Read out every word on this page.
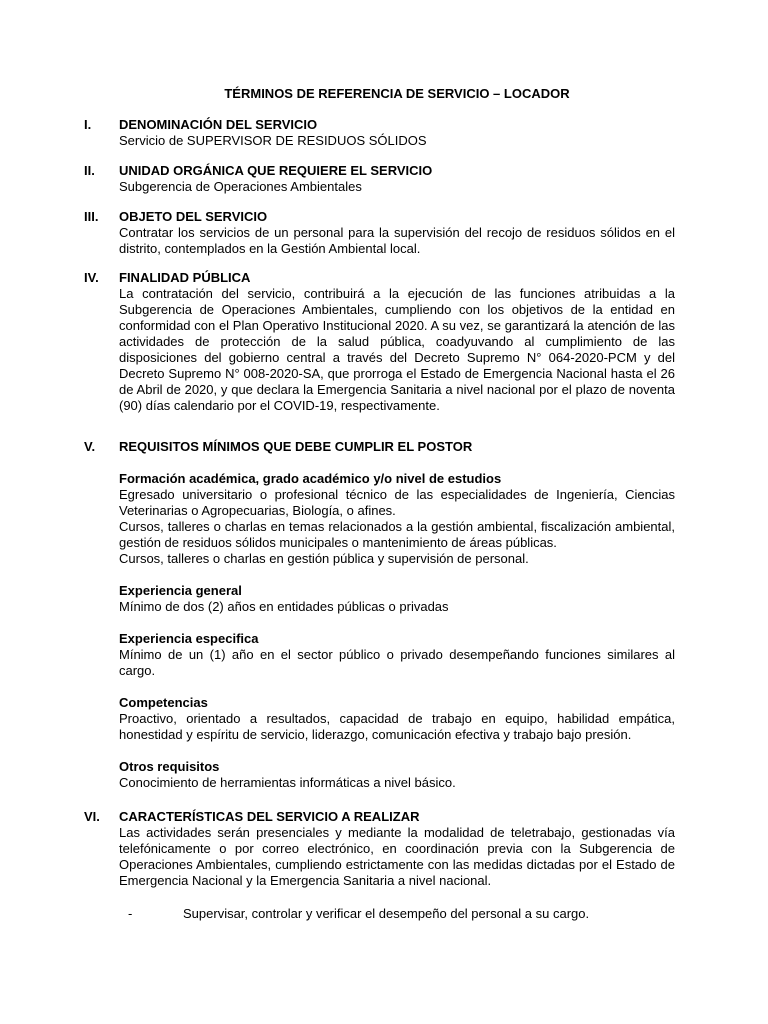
TÉRMINOS DE REFERENCIA DE SERVICIO – LOCADOR
I.	DENOMINACIÓN DEL SERVICIO

Servicio de SUPERVISOR DE RESIDUOS SÓLIDOS

II.	UNIDAD ORGÁNICA QUE REQUIERE EL SERVICIO

Subgerencia de Operaciones Ambientales

III.	OBJETO DEL SERVICIO

Contratar los servicios de un personal para la supervisión del recojo de residuos sólidos en el distrito, contemplados en la Gestión Ambiental local.

IV.	FINALIDAD PÚBLICA

La contratación del servicio, contribuirá a la ejecución de las funciones atribuidas a la Subgerencia de Operaciones Ambientales, cumpliendo con los objetivos de la entidad en conformidad con el Plan Operativo Institucional 2020. A su vez, se garantizará la atención de las actividades de protección de la salud pública, coadyuvando al cumplimiento de las disposiciones del gobierno central a través del Decreto Supremo N° 064-2020-PCM y del Decreto Supremo N° 008-2020-SA, que prorroga el Estado de Emergencia Nacional hasta el 26 de Abril de 2020, y que declara la Emergencia Sanitaria a nivel nacional por el plazo de noventa (90) días calendario por el COVID-19, respectivamente.

V.	REQUISITOS MÍNIMOS QUE DEBE CUMPLIR EL POSTOR

Formación académica, grado académico y/o nivel de estudios

Egresado universitario o profesional técnico de las especialidades de Ingeniería, Ciencias Veterinarias o Agropecuarias, Biología, o afines.

Cursos, talleres o charlas en temas relacionados a la gestión ambiental, fiscalización ambiental, gestión de residuos sólidos municipales o mantenimiento de áreas públicas.

Cursos, talleres o charlas en gestión pública y supervisión de personal.

Experiencia general

Mínimo de dos (2) años en entidades públicas o privadas

Experiencia especifica

Mínimo de un (1) año en el sector público o privado desempeñando funciones similares al cargo.

Competencias

Proactivo, orientado a resultados, capacidad de trabajo en equipo, habilidad empática, honestidad y espíritu de servicio, liderazgo, comunicación efectiva y trabajo bajo presión.

Otros requisitos

Conocimiento de herramientas informáticas a nivel básico.

VI.	CARACTERÍSTICAS DEL SERVICIO A REALIZAR

Las actividades serán presenciales y mediante la modalidad de teletrabajo, gestionadas vía telefónicamente o por correo electrónico, en coordinación previa con la Subgerencia de Operaciones Ambientales, cumpliendo estrictamente con las medidas dictadas por el Estado de Emergencia Nacional y la Emergencia Sanitaria a nivel nacional.

-	Supervisar, controlar y verificar el desempeño del personal a su cargo.
